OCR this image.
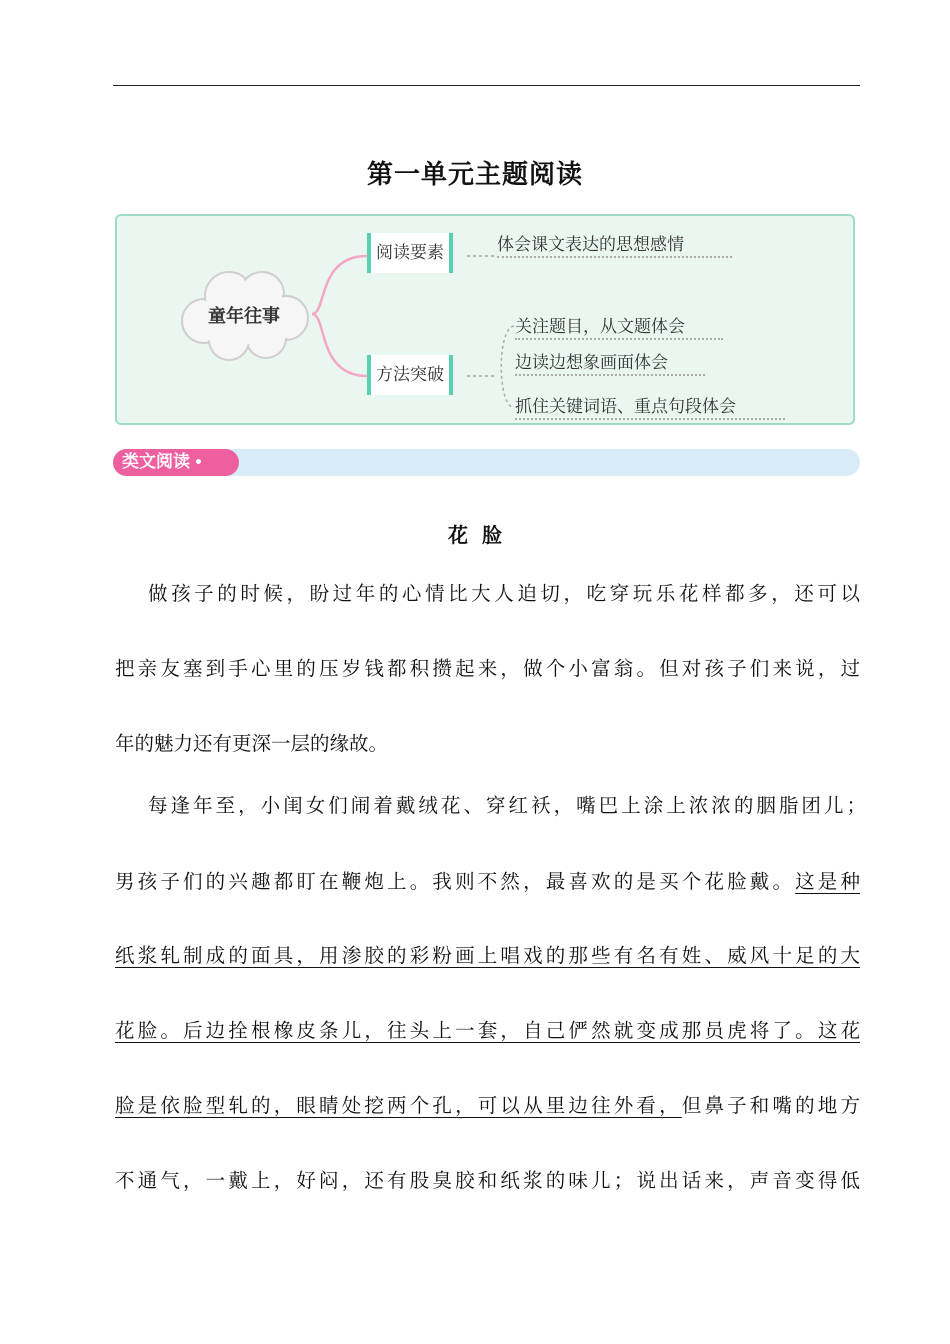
第一单元主题阅读
童年往事
阅读要素
方法突破
体会课文表达的思想感情
关注题目，从文题体会
边读边想象画面体会
抓住关键词语、重点句段体会
类文阅读 •
花脸
做孩子的时候，盼过年的心情比大人迫切，吃穿玩乐花样都多，还可以
把亲友塞到手心里的压岁钱都积攒起来，做个小富翁。但对孩子们来说，过
年的魅力还有更深一层的缘故。
每逢年至，小闺女们闹着戴绒花、穿红袄，嘴巴上涂上浓浓的胭脂团儿；
男孩子们的兴趣都盯在鞭炮上。我则不然，最喜欢的是买个花脸戴。这是种
纸浆轧制成的面具，用渗胶的彩粉画上唱戏的那些有名有姓、威风十足的大
花脸。后边拴根橡皮条儿，往头上一套，自己俨然就变成那员虎将了。这花
脸是依脸型轧的，眼睛处挖两个孔，可以从里边往外看，但鼻子和嘴的地方
不通气，一戴上，好闷，还有股臭胶和纸浆的味儿；说出话来，声音变得低
